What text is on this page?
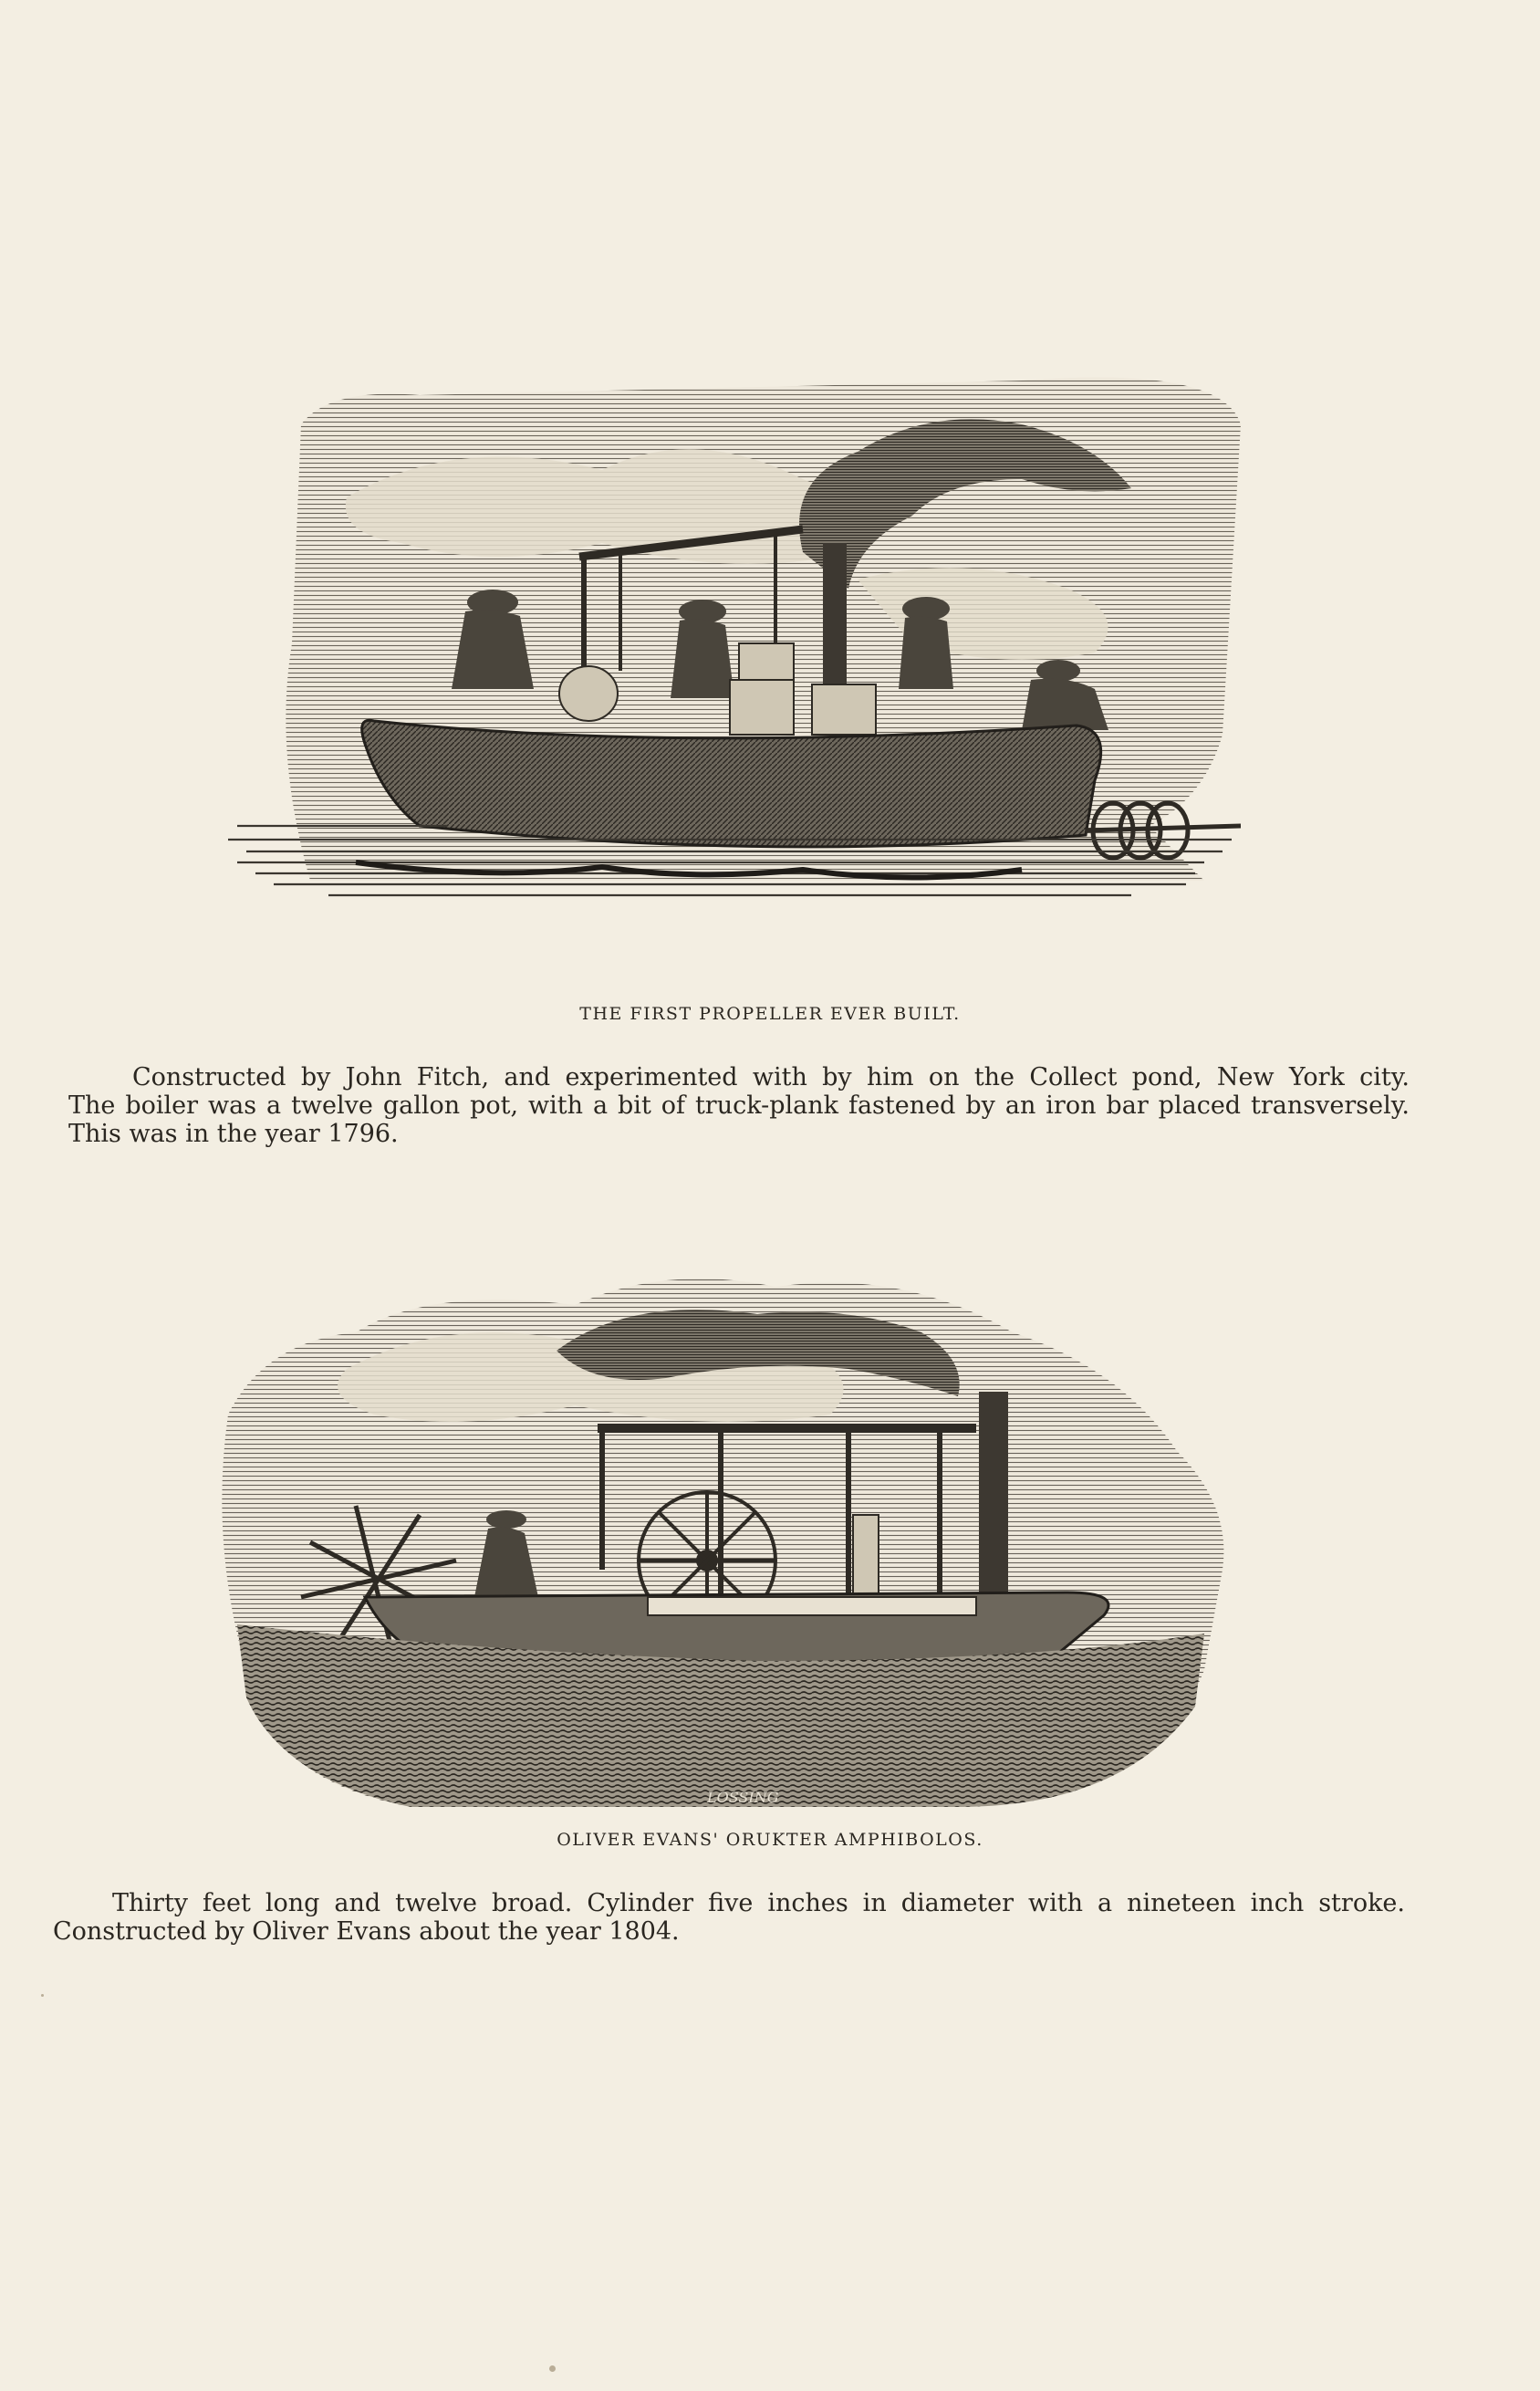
THE FIRST PROPELLER EVER BUILT.

Constructed by John Fitch, and experimented with by him on the Collect pond, New York city.

The boiler was a twelve gallon pot, with a bit of truck-plank fastened by an iron bar placed transversely.

This was in the year 1796.

LOSSING
OLIVER EVANS' ORUKTER AMPHIBOLOS.

Thirty feet long and twelve broad. Cylinder five inches in diameter with a nineteen inch stroke.

Constructed by Oliver Evans about the year 1804.
